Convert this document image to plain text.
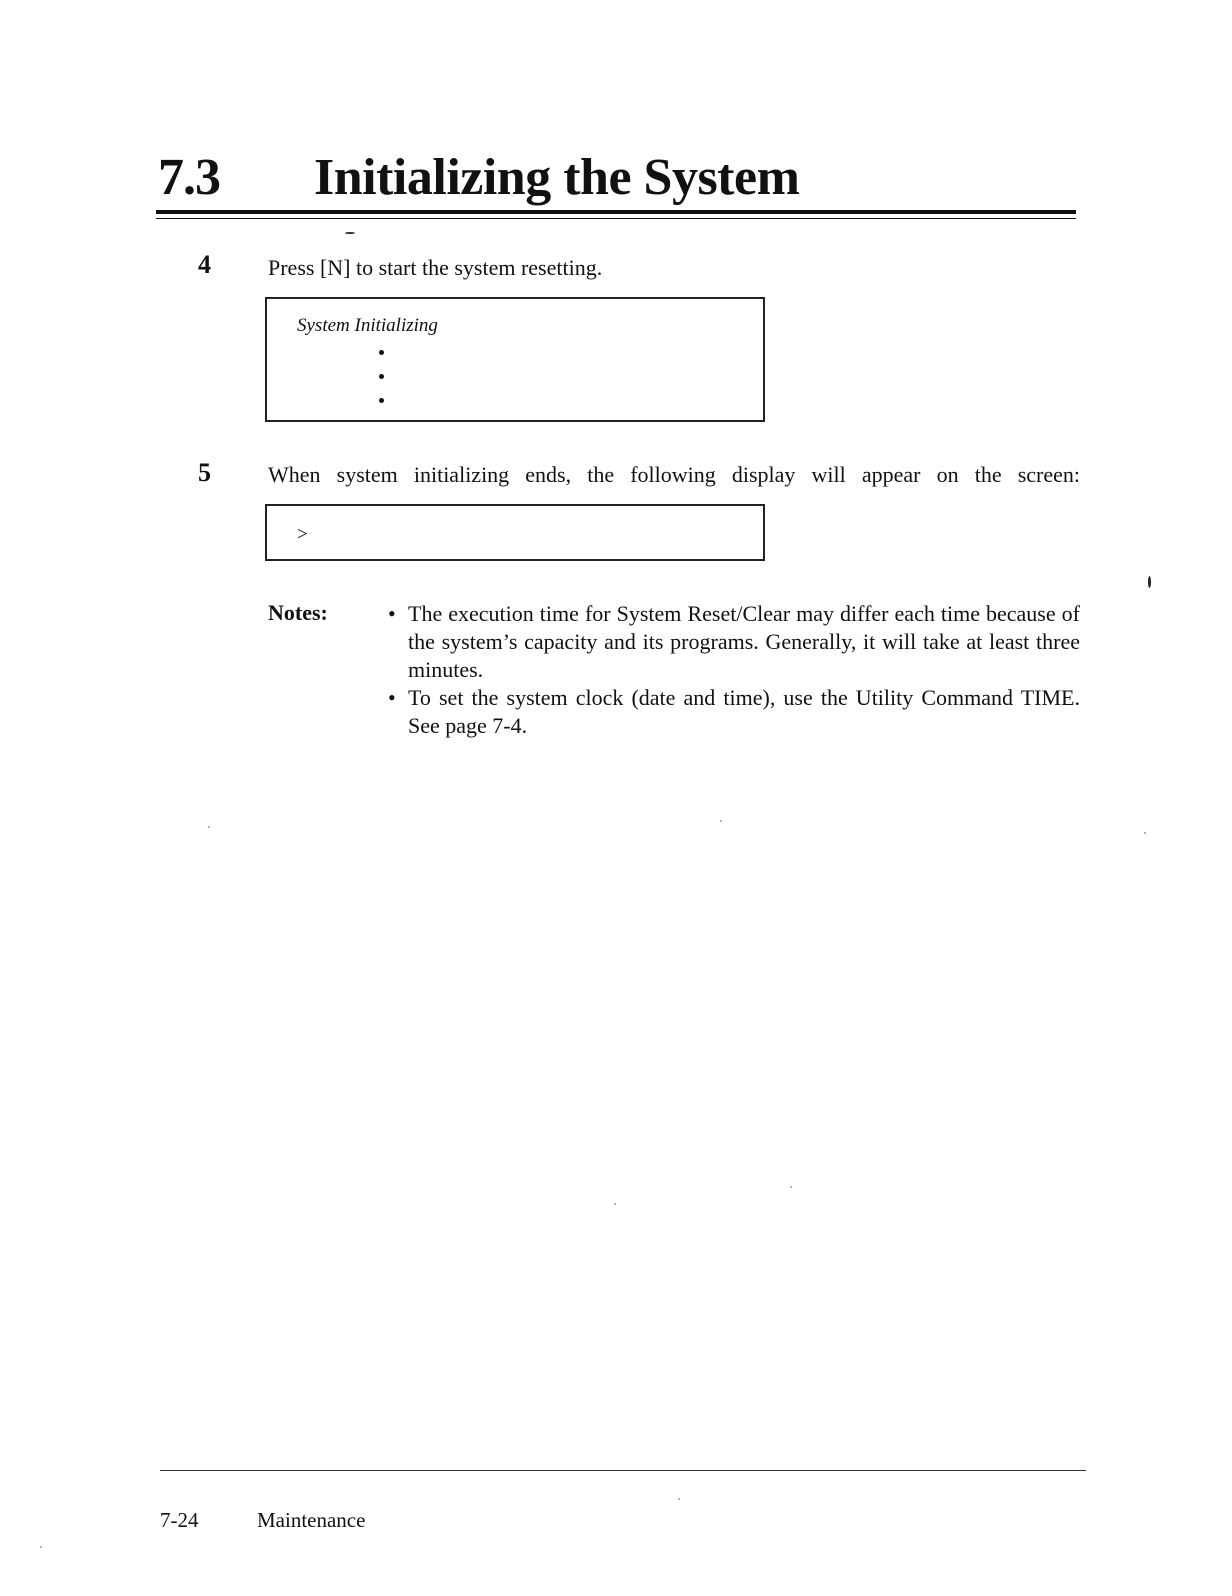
7.3 Initializing the System
4	Press [N] to start the system resetting.
System Initializing
5	When system initializing ends, the following display will appear on the screen:
>
Notes:	• The execution time for System Reset/Clear may differ each time because of the system’s capacity and its programs. Generally, it will take at least three minutes.
• To set the system clock (date and time), use the Utility Command TIME. See page 7-4.
7-24	Maintenance
